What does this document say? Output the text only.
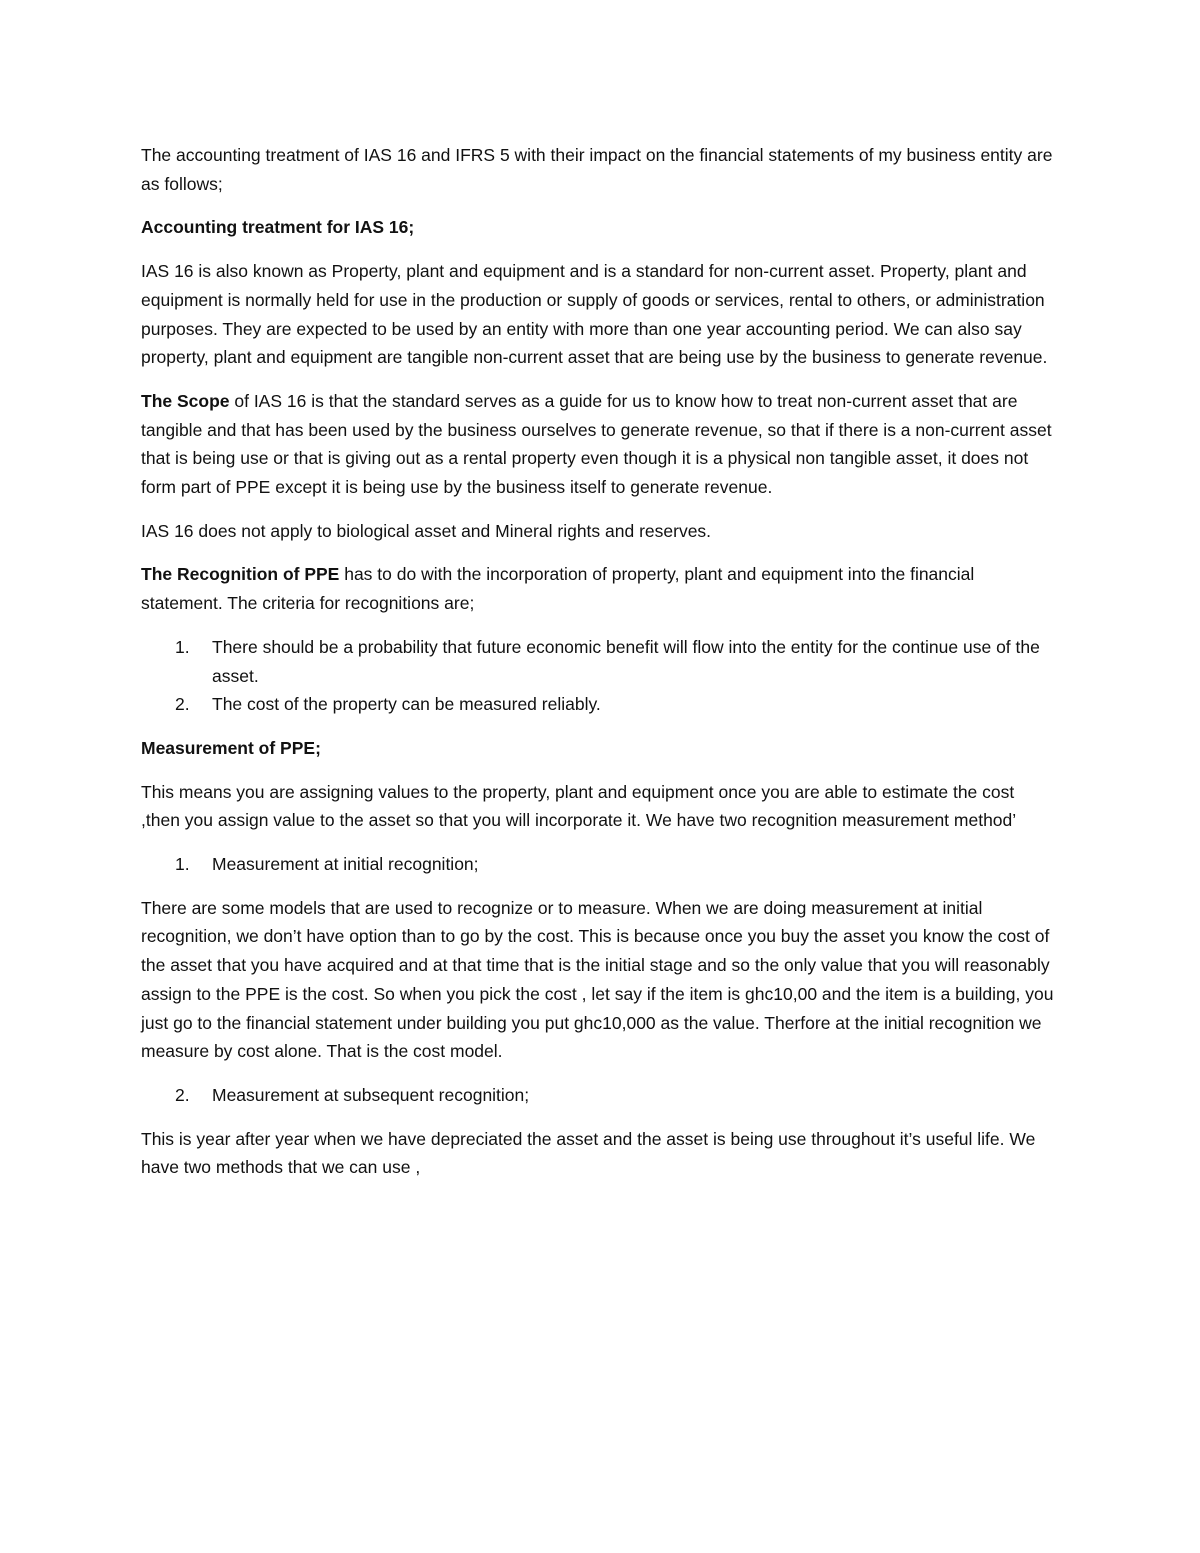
The accounting treatment of IAS 16 and IFRS 5 with their impact on the financial statements of my business entity are as follows;

Accounting treatment for IAS 16;

IAS 16 is also known as Property, plant and equipment and is a standard for non-current asset. Property, plant and equipment is normally held for use in the production or supply of goods or services, rental to others, or administration purposes. They are expected to be used by an entity with more than one year accounting period. We can also say property, plant and equipment are tangible non-current asset that are being use by the business to generate revenue.

The Scope of IAS 16 is that the standard serves as a guide for us to know how to treat non-current asset that are tangible and that has been used by the business ourselves to generate revenue, so that if there is a non-current asset that is being use or that is giving out as a rental property even though it is a physical non tangible asset, it does not form part of PPE except it is being use by the business itself to generate revenue.

IAS 16 does not apply to biological asset and Mineral rights and reserves.

The Recognition of PPE has to do with the incorporation of property, plant and equipment into the financial statement. The criteria for recognitions are;

1. There should be a probability that future economic benefit will flow into the entity for the continue use of the asset.
2. The cost of the property can be measured reliably.

Measurement of PPE;

This means you are assigning values to the property, plant and equipment once you are able to estimate the cost ,then you assign value to the asset so that you will incorporate it. We have two recognition measurement method’

1. Measurement at initial recognition;

There are some models that are used to recognize or to measure. When we are doing measurement at initial recognition, we don’t have option than to go by the cost. This is because once you buy the asset you know the cost of the asset that you have acquired and at that time that is the initial stage and so the only value that you will reasonably assign to the PPE is the cost. So when you pick the cost , let say if the item is ghc10,00 and the item is a building, you just go to the financial statement under building you put ghc10,000 as the value. Therfore at the initial recognition we measure by cost alone. That is the cost model.

2. Measurement at subsequent recognition;

This is year after year when we have depreciated the asset and the asset is being use throughout it’s useful life. We have two methods that we can use ,
